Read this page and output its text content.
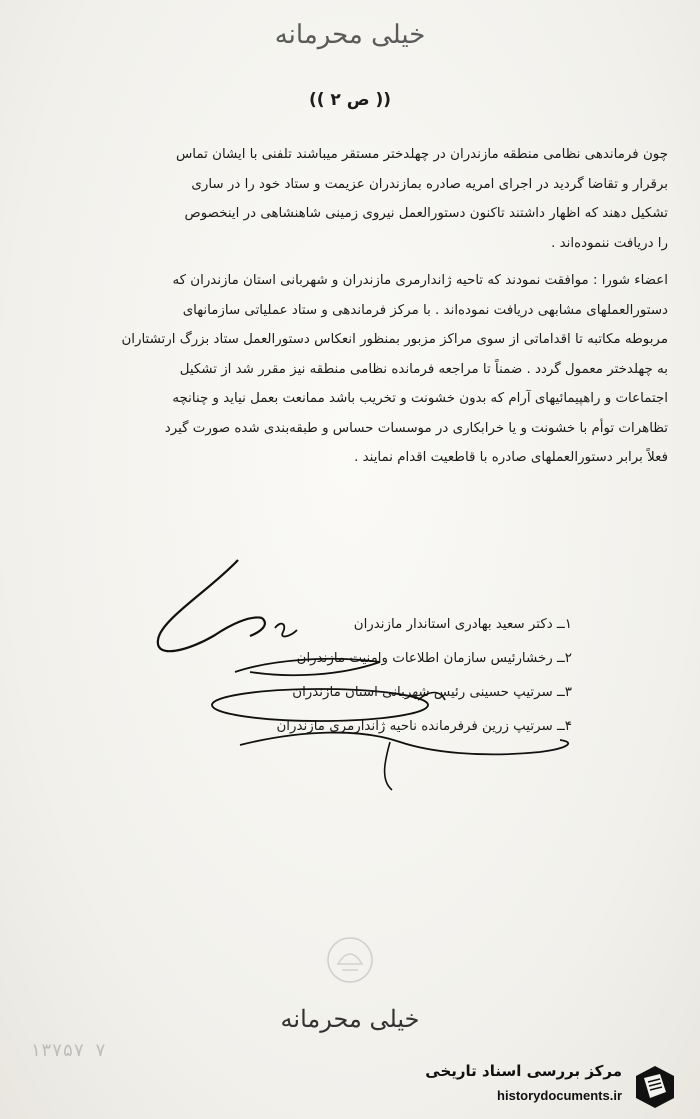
خیلی محرمانه
(( ص ۲ ))
چون فرماندهی نظامی منطقه مازندران در چهلدختر مستقر میباشند تلفنی با ایشان تماس
برقرار و تقاضا گردید در اجرای امریه صادره بمازندران عزیمت و ستاد خود را در ساری
تشکیل دهند که اظهار داشتند تاکنون دستورالعمل نیروی زمینی شاهنشاهی در اینخصوص
را دریافت ننموده‌اند .
اعضاء شورا : موافقت نمودند که تاحیه ژاندارمری مازندران و شهربانی استان مازندران که
دستورالعملهای مشابهی دریافت نموده‌اند . با مرکز فرماندهی و ستاد عملیاتی سازمانهای
مربوطه مکاتبه تا اقداماتی از سوی مراکز مزبور بمنظور انعکاس دستورالعمل ستاد بزرگ ارتشتاران
به چهلدختر معمول گردد . ضمناً تا مراجعه فرمانده نظامی منطقه نیز مقرر شد از تشکیل
اجتماعات و راهپیمائیهای آرام که بدون خشونت و تخریب باشد ممانعت بعمل نیاید و چنانچه
تظاهرات توأم با خشونت و یا خرابکاری در موسسات حساس و طبقه‌بندی شده صورت گیرد
فعلاً برابر دستورالعملهای صادره با قاطعیت اقدام نمایند .
۱ــ دکتر سعید بهادری استاندار مازندران
۲ــ رخشارئیس سازمان اطلاعات وامنیت مازندران
۳ــ سرتیپ حسینی رئیس شهربانی استان مازندران
۴ــ سرتیپ زرین فرفرمانده ناحیه ژاندارمری مازندران
خیلی محرمانه
۱۳۷۵۷ ۷
مرکز بررسی اسناد تاریخی
historydocuments.ir
